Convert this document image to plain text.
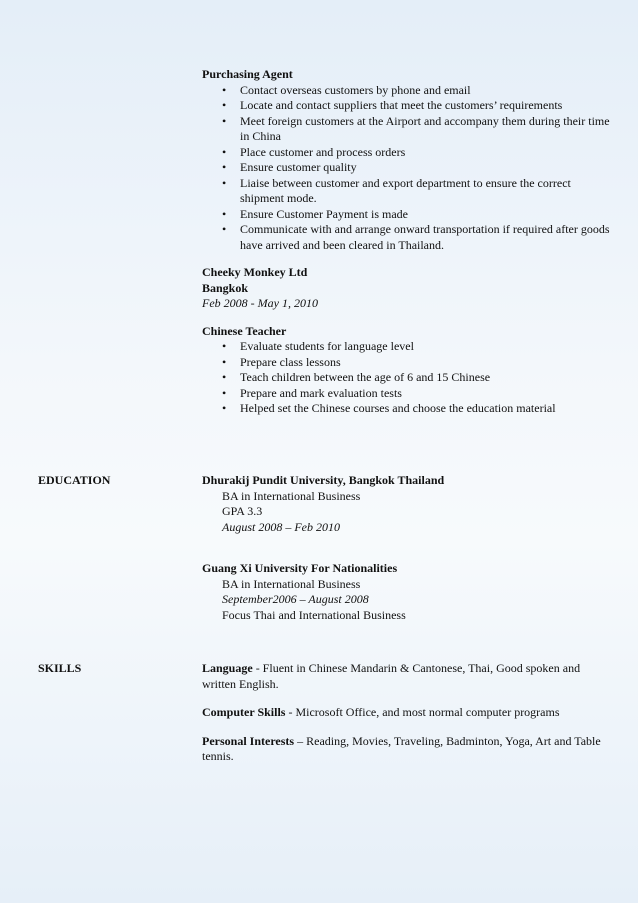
Purchasing Agent
• Contact overseas customers by phone and email
• Locate and contact suppliers that meet the customers’ requirements
• Meet foreign customers at the Airport and accompany them during their time in China
• Place customer and process orders
• Ensure customer quality
• Liaise between customer and export department to ensure the correct shipment mode.
• Ensure Customer Payment is made
• Communicate with and arrange onward transportation if required after goods have arrived and been cleared in Thailand.
Cheeky Monkey Ltd
Bangkok
Feb 2008 - May 1, 2010
Chinese Teacher
• Evaluate students for language level
• Prepare class lessons
• Teach children between the age of 6 and 15 Chinese
• Prepare and mark evaluation tests
• Helped set the Chinese courses and choose the education material
EDUCATION	Dhurakij Pundit University, Bangkok Thailand
BA in International Business
GPA 3.3
August 2008 – Feb 2010
Guang Xi University For Nationalities
BA in International Business
September2006 – August 2008
Focus Thai and International Business
SKILLS	Language - Fluent in Chinese Mandarin & Cantonese, Thai, Good spoken and written English.
Computer Skills - Microsoft Office, and most normal computer programs
Personal Interests – Reading, Movies, Traveling, Badminton, Yoga, Art and Table tennis.
